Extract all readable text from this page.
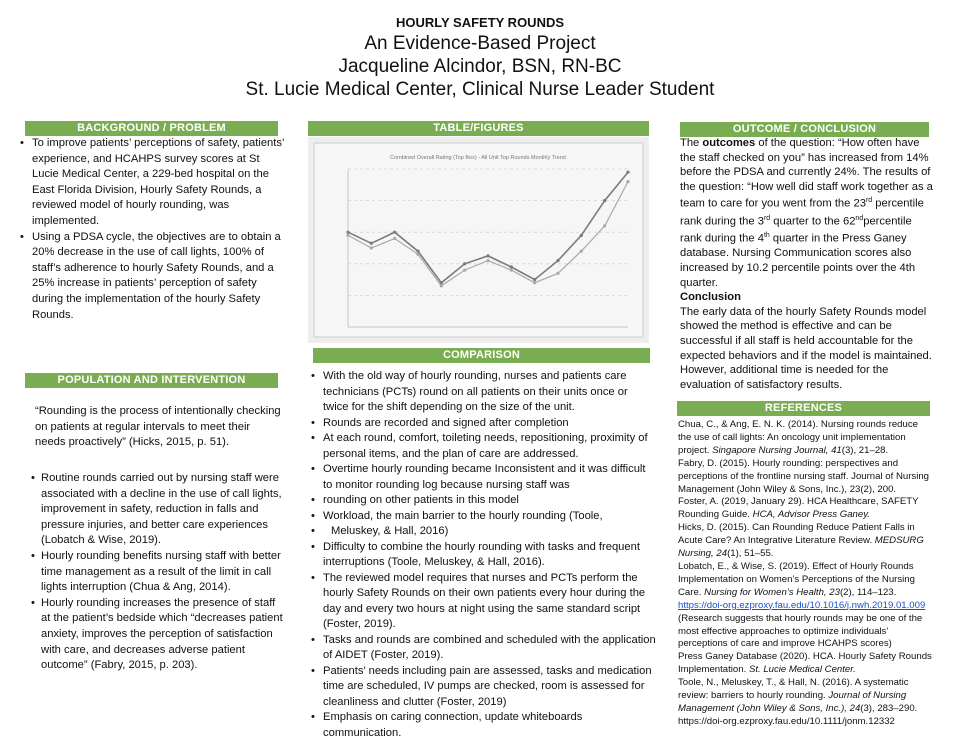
HOURLY SAFETY ROUNDS
An Evidence-Based Project
Jacqueline Alcindor, BSN, RN-BC
St. Lucie Medical Center, Clinical Nurse Leader Student
BACKGROUND / PROBLEM
• To improve patients’ perceptions of safety, patients’ experience, and HCAHPS survey scores at St Lucie Medical Center, a 229-bed hospital on the East Florida Division, Hourly Safety Rounds, a reviewed model of hourly rounding, was implemented.
• Using a PDSA cycle, the objectives are to obtain a 20% decrease in the use of call lights, 100% of staff’s adherence to hourly Safety Rounds, and a 25% increase in patients’ perception of safety during the implementation of the hourly Safety Rounds.
POPULATION AND INTERVENTION
“Rounding is the process of intentionally checking on patients at regular intervals to meet their needs proactively” (Hicks, 2015, p. 51).
• Routine rounds carried out by nursing staff were associated with a decline in the use of call lights, improvement in safety, reduction in falls and pressure injuries, and better care experiences (Lobatch & Wise, 2019).
• Hourly rounding benefits nursing staff with better time management as a result of the limit in call lights interruption (Chua & Ang, 2014).
• Hourly rounding increases the presence of staff at the patient’s bedside which “decreases patient anxiety, improves the perception of satisfaction with care, and decreases adverse patient outcome” (Fabry, 2015, p. 203).
TABLE/FIGURES
Combined Overall Rating (Top Box) - All Unit Top Rounds Monthly Trend
COMPARISON
• With the old way of hourly rounding, nurses and patients care technicians (PCTs) round on all patients on their units once or twice for the shift depending on the size of the unit.
• Rounds are recorded and signed after completion
• At each round, comfort, toileting needs, repositioning, proximity of personal items, and the plan of care are addressed.
• Overtime hourly rounding became Inconsistent and it was difficult to monitor rounding log because nursing staff was
• rounding on other patients in this model
• Workload, the main barrier to the hourly rounding (Toole,
• Meluskey, & Hall, 2016)
• Difficulty to combine the hourly rounding with tasks and frequent interruptions (Toole, Meluskey, & Hall, 2016).
• The reviewed model requires that nurses and PCTs perform the hourly Safety Rounds on their own patients every hour during the day and every two hours at night using the same standard script (Foster, 2019).
• Tasks and rounds are combined and scheduled with the application of AIDET (Foster, 2019).
• Patients’ needs including pain are assessed, tasks and medication time are scheduled, IV pumps are checked, room is assessed for cleanliness and clutter (Foster, 2019)
• Emphasis on caring connection, update whiteboards communication.
OUTCOME / CONCLUSION

The outcomes of the question: “How often have the staff checked on you” has increased from 14% before the PDSA and currently 24%. The results of the question: “How well did staff work together as a team to care for you went from the 23rd percentile rank during the 3rd quarter to the 62ndpercentile rank during the 4th quarter in the Press Ganey database. Nursing Communication scores also increased by 10.2 percentile points over the 4th quarter.

Conclusion

The early data of the hourly Safety Rounds model showed the method is effective and can be successful if all staff is held accountable for the expected behaviors and if the model is maintained. However, additional time is needed for the evaluation of satisfactory results.

REFERENCES

Chua, C., & Ang, E. N. K. (2014). Nursing rounds reduce the use of call lights: An oncology unit implementation project. Singapore Nursing Journal, 41(3), 21–28.

Fabry, D. (2015). Hourly rounding: perspectives and perceptions of the frontline nursing staff. Journal of Nursing Management (John Wiley & Sons, Inc.), 23(2), 200.

Foster, A. (2019, January 29). HCA Healthcare, SAFETY Rounding Guide. HCA, Advisor Press Ganey.

Hicks, D. (2015). Can Rounding Reduce Patient Falls in Acute Care? An Integrative Literature Review. MEDSURG Nursing, 24(1), 51–55.

Lobatch, E., & Wise, S. (2019). Effect of Hourly Rounds Implementation on Women’s Perceptions of the Nursing Care. Nursing for Women’s Health, 23(2), 114–123. https://doi-org.ezproxy.fau.edu/10.1016/j.nwh.2019.01.009 (Research suggests that hourly rounds may be one of the most effective approaches to optimize individuals’ perceptions of care and improve HCAHPS scores)

Press Ganey Database (2020). HCA. Hourly Safety Rounds Implementation. St. Lucie Medical Center.

Toole, N., Meluskey, T., & Hall, N. (2016). A systematic review: barriers to hourly rounding. Journal of Nursing Management (John Wiley & Sons, Inc.), 24(3), 283–290. https://doi-org.ezproxy.fau.edu/10.1111/jonm.12332
